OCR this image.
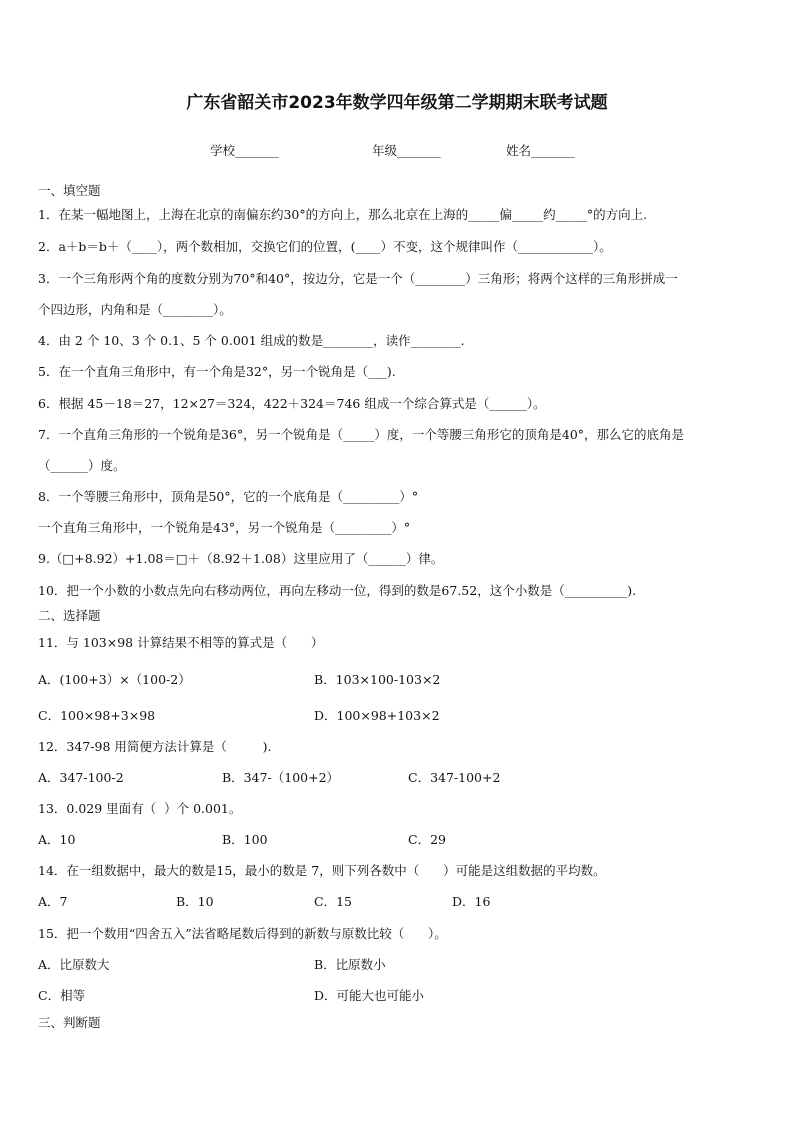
广东省韶关市2023年数学四年级第二学期期末联考试题
学校_______	年级_______	姓名_______
一、填空题
1．在某一幅地图上，上海在北京的南偏东约30°的方向上，那么北京在上海的_____偏_____约_____°的方向上.
2．a＋b＝b＋（____），两个数相加，交换它们的位置，(____）不变，这个规律叫作（____________）。
3．一个三角形两个角的度数分别为70°和40°，按边分，它是一个（________）三角形；将两个这样的三角形拼成一
个四边形，内角和是（________）。
4．由 2 个 10、3 个 0.1、5 个 0.001 组成的数是________，读作________.
5．在一个直角三角形中，有一个角是32°，另一个锐角是（___).
6．根据 45－18＝27，12×27＝324，422＋324＝746 组成一个综合算式是（______）。
7．一个直角三角形的一个锐角是36°，另一个锐角是（_____）度，一个等腰三角形它的顶角是40°，那么它的底角是
（______）度。
8．一个等腰三角形中，顶角是50°，它的一个底角是（_________）°
一个直角三角形中，一个锐角是43°，另一个锐角是（_________）°
9.（□+8.92）+1.08＝□＋（8.92＋1.08）这里应用了（______）律。
10．把一个小数的小数点先向右移动两位，再向左移动一位，得到的数是67.52，这个小数是（__________).
二、选择题
11．与 103×98 计算结果不相等的算式是（      ）
A．(100+3）×（100-2）	B．103×100-103×2
C．100×98+3×98	D．100×98+103×2
12．347-98 用简便方法计算是（         ).
A．347-100-2	B．347-（100+2）	C．347-100+2
13．0.029 里面有（  ）个 0.001。
A．10	B．100	C．29
14．在一组数据中，最大的数是15，最小的数是 7，则下列各数中（      ）可能是这组数据的平均数。
A．7	B．10	C．15	D．16
15．把一个数用“四舍五入”法省略尾数后得到的新数与原数比较（      ）。
A．比原数大	B．比原数小
C．相等	D．可能大也可能小
三、判断题
